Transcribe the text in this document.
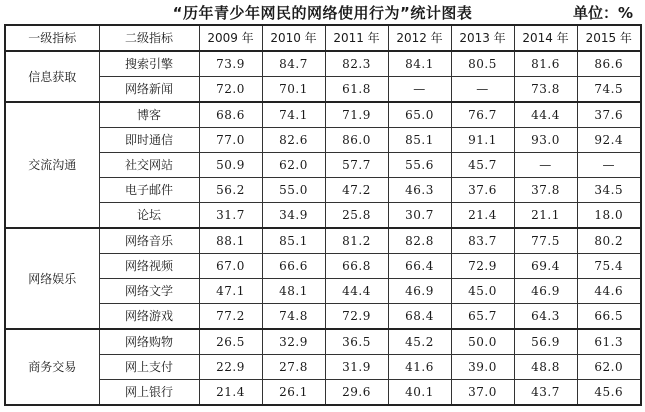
“历年青少年网民的网络使用行为”统计图表	单位：%
一级指标	二级指标	2009 年	2010 年	2011 年	2012 年	2013 年	2014 年	2015 年
信息获取	搜索引擎	73.9	84.7	82.3	84.1	80.5	81.6	86.6
	网络新闻	72.0	70.1	61.8	—	—	73.8	74.5
交流沟通	博客	68.6	74.1	71.9	65.0	76.7	44.4	37.6
	即时通信	77.0	82.6	86.0	85.1	91.1	93.0	92.4
	社交网站	50.9	62.0	57.7	55.6	45.7	—	—
	电子邮件	56.2	55.0	47.2	46.3	37.6	37.8	34.5
	论坛	31.7	34.9	25.8	30.7	21.4	21.1	18.0
网络娱乐	网络音乐	88.1	85.1	81.2	82.8	83.7	77.5	80.2
	网络视频	67.0	66.6	66.8	66.4	72.9	69.4	75.4
	网络文学	47.1	48.1	44.4	46.9	45.0	46.9	44.6
	网络游戏	77.2	74.8	72.9	68.4	65.7	64.3	66.5
商务交易	网络购物	26.5	32.9	36.5	45.2	50.0	56.9	61.3
	网上支付	22.9	27.8	31.9	41.6	39.0	48.8	62.0
	网上银行	21.4	26.1	29.6	40.1	37.0	43.7	45.6
